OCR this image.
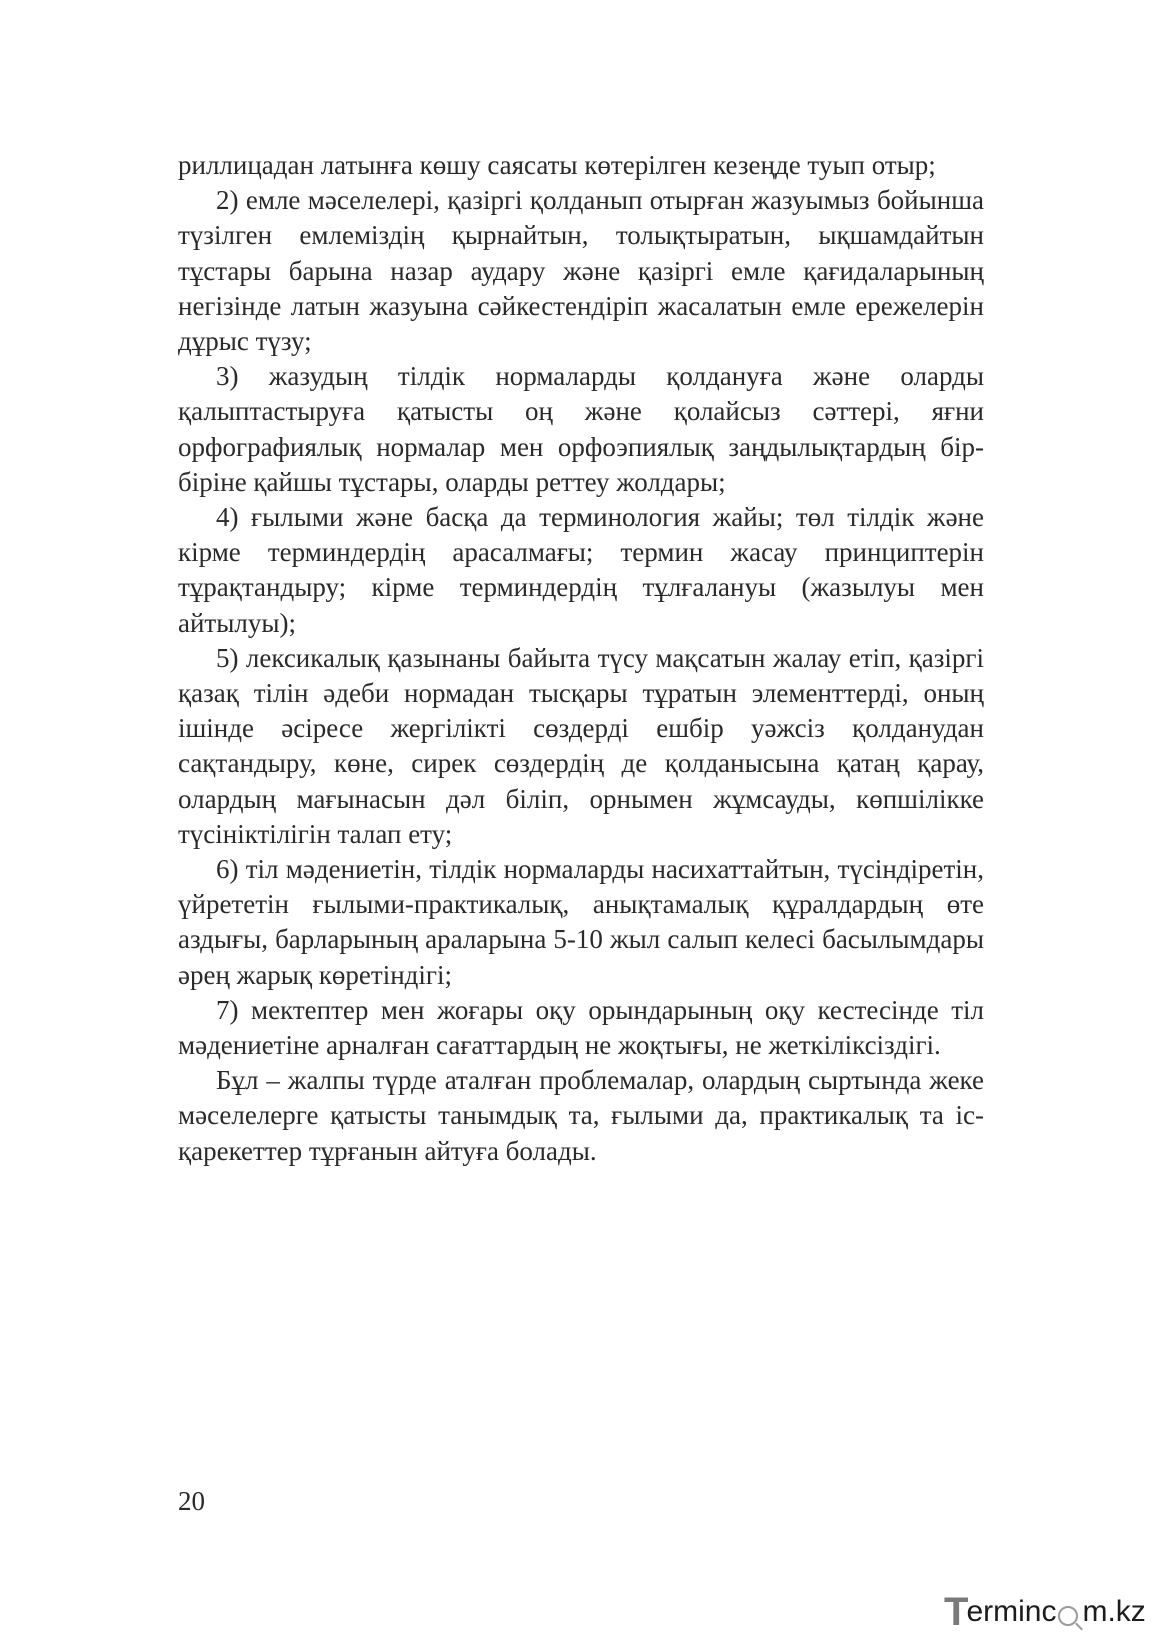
риллицадан латынға көшу саясаты көтерілген кезеңде туып отыр;

2) емле мәселелері, қазіргі қолданып отырған жазуымыз бойынша түзілген емлеміздің қырнайтын, толықтыратын, ықшамдайтын тұстары барына назар аудару және қазіргі емле қағидаларының негізінде латын жазуына сәйкестендіріп жасалатын емле ережелерін дұрыс түзу;

3) жазудың тілдік нормаларды қолдануға және оларды қалыптастыруға қатысты оң және қолайсыз сәттері, яғни орфографиялық нормалар мен орфоэпиялық заңдылықтардың бір-біріне қайшы тұстары, оларды реттеу жолдары;

4) ғылыми және басқа да терминология жайы; төл тілдік және кірме терминдердің арасалмағы; термин жасау принциптерін тұрақтандыру; кірме терминдердің тұлғалануы (жазылуы мен айтылуы);

5) лексикалық қазынаны байыта түсу мақсатын жалау етіп, қазіргі қазақ тілін әдеби нормадан тысқары тұратын элементтерді, оның ішінде әсіресе жергілікті сөздерді ешбір уәжсіз қолданудан сақтандыру, көне, сирек сөздердің де қолданысына қатаң қарау, олардың мағынасын дәл біліп, орнымен жұмсауды, көпшілікке түсініктілігін талап ету;

6) тіл мәдениетін, тілдік нормаларды насихаттайтын, түсіндіретін, үйрететін ғылыми-практикалық, анықтамалық құралдардың өте аздығы, барларының араларына 5-10 жыл салып келесі басылымдары әрең жарық көретіндігі;

7) мектептер мен жоғары оқу орындарының оқу кестесінде тіл мәдениетіне арналған сағаттардың не жоқтығы, не жеткіліксіздігі.

Бұл – жалпы түрде аталған проблемалар, олардың сыртында жеке мәселелерге қатысты танымдық та, ғылыми да, практикалық та іс-қарекеттер тұрғанын айтуға болады.

20
T
erminc m.kz
